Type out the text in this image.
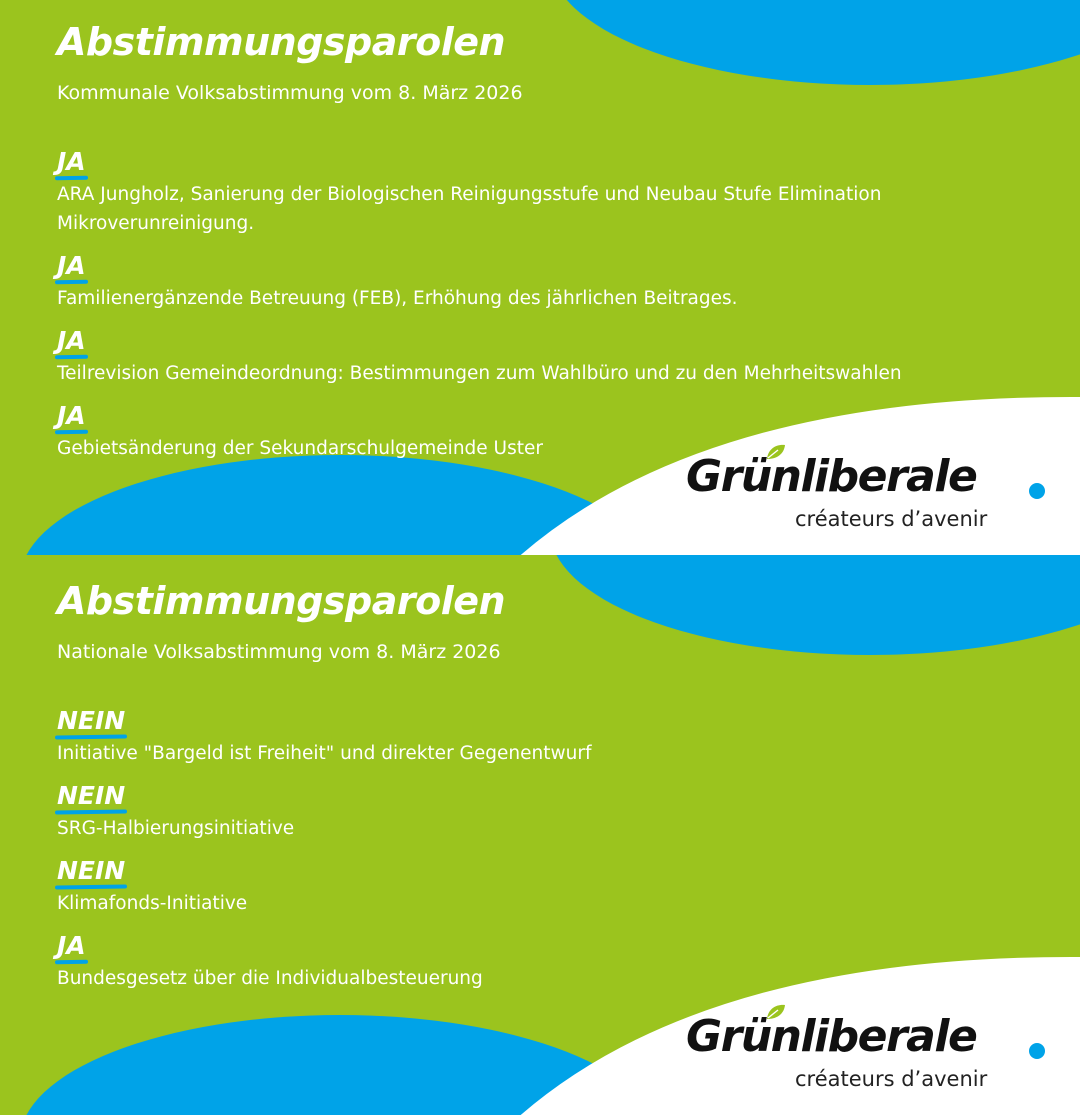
Abstimmungsparolen

Kommunale Volksabstimmung vom 8. März 2026

JA
ARA Jungholz, Sanierung der Biologischen Reinigungsstufe und Neubau Stufe Elimination Mikroverunreinigung.
JA
Familienergänzende Betreuung (FEB), Erhöhung des jährlichen Beitrages.
JA
Teilrevision Gemeindeordnung: Bestimmungen zum Wahlbüro und zu den Mehrheitswahlen
JA
Gebietsänderung der Sekundarschulgemeinde Uster
Grünliberale
créateurs d’avenir
Abstimmungsparolen

Nationale Volksabstimmung vom 8. März 2026

NEIN
Initiative "Bargeld ist Freiheit" und direkter Gegenentwurf
NEIN
SRG-Halbierungsinitiative
NEIN
Klimafonds-Initiative
JA
Bundesgesetz über die Individualbesteuerung
Grünliberale
créateurs d’avenir
